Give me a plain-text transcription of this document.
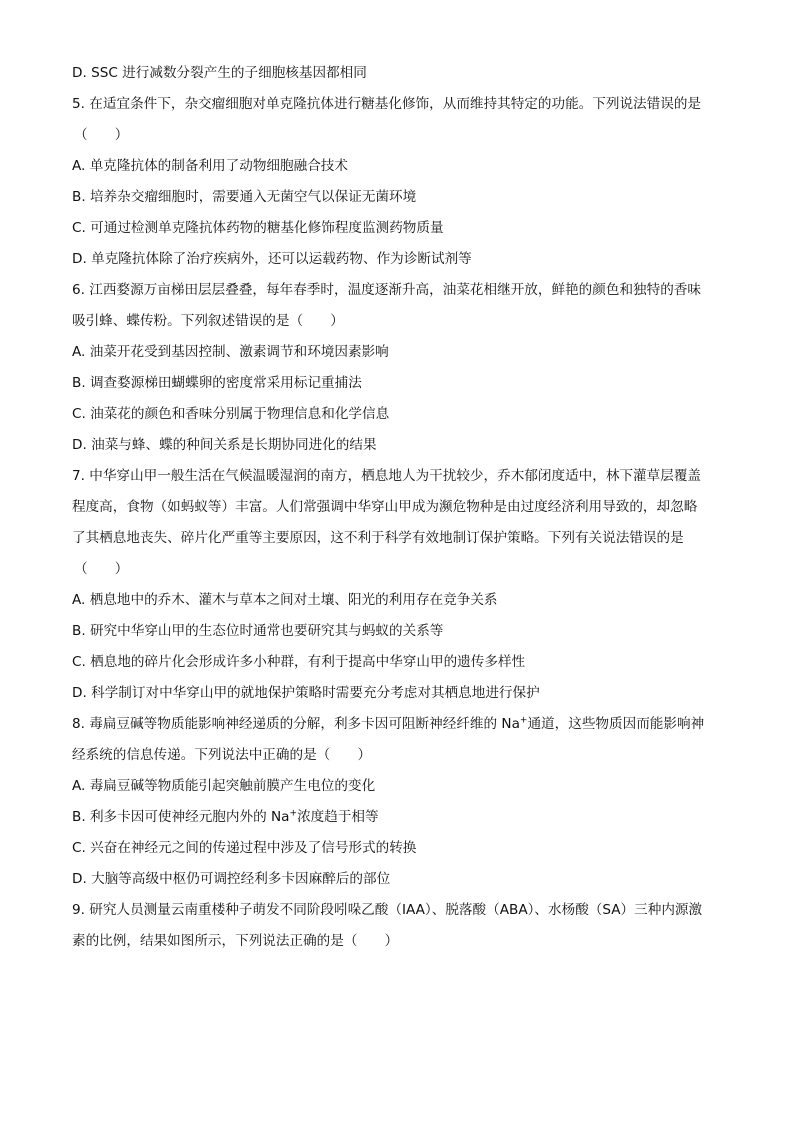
D. SSC 进行减数分裂产生的子细胞核基因都相同
5. 在适宜条件下，杂交瘤细胞对单克隆抗体进行糖基化修饰，从而维持其特定的功能。下列说法错误的是
（　　）
A. 单克隆抗体的制备利用了动物细胞融合技术
B. 培养杂交瘤细胞时，需要通入无菌空气以保证无菌环境
C. 可通过检测单克隆抗体药物的糖基化修饰程度监测药物质量
D. 单克隆抗体除了治疗疾病外，还可以运载药物、作为诊断试剂等
6. 江西婺源万亩梯田层层叠叠，每年春季时，温度逐渐升高，油菜花相继开放，鲜艳的颜色和独特的香味
吸引蜂、蝶传粉。下列叙述错误的是（　　）
A. 油菜开花受到基因控制、激素调节和环境因素影响
B. 调查婺源梯田蝴蝶卵的密度常采用标记重捕法
C. 油菜花的颜色和香味分别属于物理信息和化学信息
D. 油菜与蜂、蝶的种间关系是长期协同进化的结果
7. 中华穿山甲一般生活在气候温暖湿润的南方，栖息地人为干扰较少，乔木郁闭度适中，林下灌草层覆盖
程度高，食物（如蚂蚁等）丰富。人们常强调中华穿山甲成为濒危物种是由过度经济利用导致的，却忽略
了其栖息地丧失、碎片化严重等主要原因，这不利于科学有效地制订保护策略。下列有关说法错误的是
（　　）
A. 栖息地中的乔木、灌木与草本之间对土壤、阳光的利用存在竞争关系
B. 研究中华穿山甲的生态位时通常也要研究其与蚂蚁的关系等
C. 栖息地的碎片化会形成许多小种群，有利于提高中华穿山甲的遗传多样性
D. 科学制订对中华穿山甲的就地保护策略时需要充分考虑对其栖息地进行保护
8. 毒扁豆碱等物质能影响神经递质的分解，利多卡因可阻断神经纤维的 Na+通道，这些物质因而能影响神
经系统的信息传递。下列说法中正确的是（　　）
A. 毒扁豆碱等物质能引起突触前膜产生电位的变化
B. 利多卡因可使神经元胞内外的 Na+浓度趋于相等
C. 兴奋在神经元之间的传递过程中涉及了信号形式的转换
D. 大脑等高级中枢仍可调控经利多卡因麻醉后的部位
9. 研究人员测量云南重楼种子萌发不同阶段吲哚乙酸（IAA）、脱落酸（ABA）、水杨酸（SA）三种内源激
素的比例，结果如图所示，下列说法正确的是（　　）
